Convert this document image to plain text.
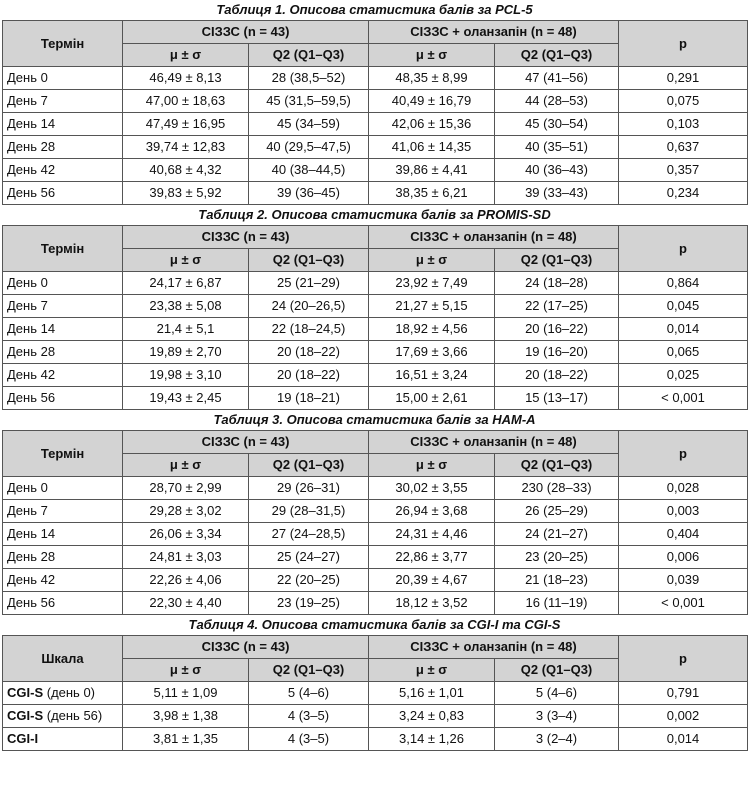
Таблиця 1. Описова статистика балів за PCL-5
Термін	СІЗЗС (n = 43)		СІЗЗС + оланзапін (n = 48)		p
	μ ± σ	Q2 (Q1–Q3)	μ ± σ	Q2 (Q1–Q3)	
День 0	46,49 ± 8,13	28 (38,5–52)	48,35 ± 8,99	47 (41–56)	0,291
День 7	47,00 ± 18,63	45 (31,5–59,5)	40,49 ± 16,79	44 (28–53)	0,075
День 14	47,49 ± 16,95	45 (34–59)	42,06 ± 15,36	45 (30–54)	0,103
День 28	39,74 ± 12,83	40 (29,5–47,5)	41,06 ± 14,35	40 (35–51)	0,637
День 42	40,68 ± 4,32	40 (38–44,5)	39,86 ± 4,41	40 (36–43)	0,357
День 56	39,83 ± 5,92	39 (36–45)	38,35 ± 6,21	39 (33–43)	0,234
Таблиця 2. Описова статистика балів за PROMIS-SD
Термін	СІЗЗС (n = 43)		СІЗЗС + оланзапін (n = 48)		p
	μ ± σ	Q2 (Q1–Q3)	μ ± σ	Q2 (Q1–Q3)	
День 0	24,17 ± 6,87	25 (21–29)	23,92 ± 7,49	24 (18–28)	0,864
День 7	23,38 ± 5,08	24 (20–26,5)	21,27 ± 5,15	22 (17–25)	0,045
День 14	21,4 ± 5,1	22 (18–24,5)	18,92 ± 4,56	20 (16–22)	0,014
День 28	19,89 ± 2,70	20 (18–22)	17,69 ± 3,66	19 (16–20)	0,065
День 42	19,98 ± 3,10	20 (18–22)	16,51 ± 3,24	20 (18–22)	0,025
День 56	19,43 ± 2,45	19 (18–21)	15,00 ± 2,61	15 (13–17)	< 0,001
Таблиця 3. Описова статистика балів за HAM-A
Термін	СІЗЗС (n = 43)		СІЗЗС + оланзапін (n = 48)		p
	μ ± σ	Q2 (Q1–Q3)	μ ± σ	Q2 (Q1–Q3)	
День 0	28,70 ± 2,99	29 (26–31)	30,02 ± 3,55	230 (28–33)	0,028
День 7	29,28 ± 3,02	29 (28–31,5)	26,94 ± 3,68	26 (25–29)	0,003
День 14	26,06 ± 3,34	27 (24–28,5)	24,31 ± 4,46	24 (21–27)	0,404
День 28	24,81 ± 3,03	25 (24–27)	22,86 ± 3,77	23 (20–25)	0,006
День 42	22,26 ± 4,06	22 (20–25)	20,39 ± 4,67	21 (18–23)	0,039
День 56	22,30 ± 4,40	23 (19–25)	18,12 ± 3,52	16 (11–19)	< 0,001
Таблиця 4. Описова статистика балів за CGI-I та CGI-S
Шкала	СІЗЗС (n = 43)		СІЗЗС + оланзапін (n = 48)		p
	μ ± σ	Q2 (Q1–Q3)	μ ± σ	Q2 (Q1–Q3)	
CGI-S (день 0)	5,11 ± 1,09	5 (4–6)	5,16 ± 1,01	5 (4–6)	0,791
CGI-S (день 56)	3,98 ± 1,38	4 (3–5)	3,24 ± 0,83	3 (3–4)	0,002
CGI-I	3,81 ± 1,35	4 (3–5)	3,14 ± 1,26	3 (2–4)	0,014
